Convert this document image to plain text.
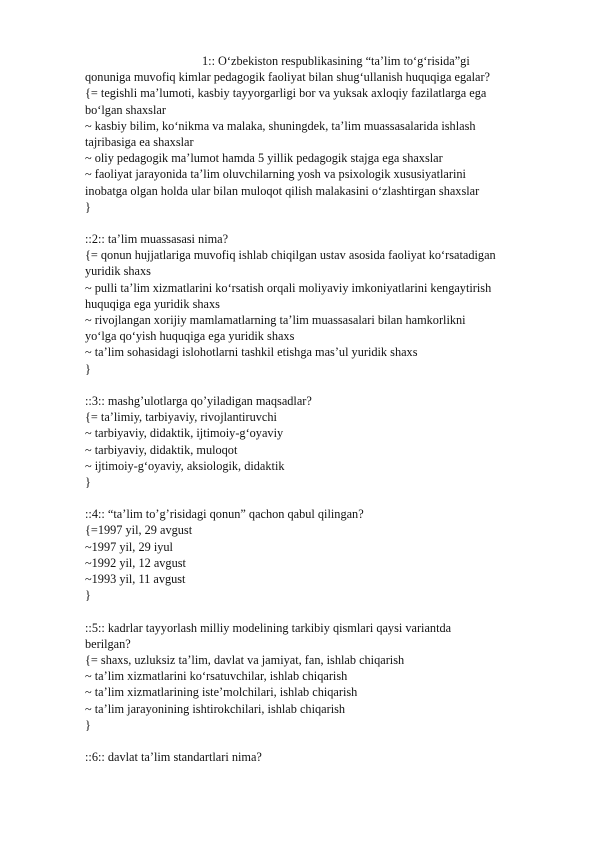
1:: O‘zbekiston respublikasining “ta’lim to‘g‘risida”gi
qonuniga muvofiq kimlar pedagogik faoliyat bilan shug‘ullanish huquqiga egalar?
{= tegishli ma’lumoti, kasbiy tayyorgarligi bor va yuksak axloqiy fazilatlarga ega
bo‘lgan shaxslar
~ kasbiy bilim, ko‘nikma va malaka, shuningdek, ta’lim muassasalarida ishlash
tajribasiga ea shaxslar
~ oliy pedagogik ma’lumot hamda 5 yillik pedagogik stajga ega shaxslar
~ faoliyat jarayonida ta’lim oluvchilarning yosh va psixologik xususiyatlarini
inobatga olgan holda ular bilan muloqot qilish malakasini o‘zlashtirgan shaxslar
}
::2:: ta’lim muassasasi nima?
{= qonun hujjatlariga muvofiq ishlab chiqilgan ustav asosida faoliyat ko‘rsatadigan
yuridik shaxs
~ pulli ta’lim xizmatlarini ko‘rsatish orqali moliyaviy imkoniyatlarini kengaytirish
huquqiga ega yuridik shaxs
~ rivojlangan xorijiy mamlamatlarning ta’lim muassasalari bilan hamkorlikni
yo‘lga qo‘yish huquqiga ega yuridik shaxs
~ ta’lim sohasidagi islohotlarni tashkil etishga mas’ul yuridik shaxs
}
::3:: mashg’ulotlarga qo’yiladigan maqsadlar?
{= ta’limiy, tarbiyaviy, rivojlantiruvchi
~ tarbiyaviy, didaktik, ijtimoiy-g‘oyaviy
~ tarbiyaviy, didaktik, muloqot
~ ijtimoiy-g‘oyaviy, aksiologik, didaktik
}
::4:: “ta’lim to’g’risidagi qonun” qachon qabul qilingan?
{=1997 yil, 29 avgust
~1997 yil, 29 iyul
~1992 yil, 12 avgust
~1993 yil, 11 avgust
}
::5:: kadrlar tayyorlash milliy modelining tarkibiy qismlari qaysi variantda
berilgan?
{= shaxs, uzluksiz ta’lim, davlat va jamiyat, fan, ishlab chiqarish
~ ta’lim xizmatlarini ko‘rsatuvchilar, ishlab chiqarish
~ ta’lim xizmatlarining iste’molchilari, ishlab chiqarish
~ ta’lim jarayonining ishtirokchilari, ishlab chiqarish
}
::6:: davlat ta’lim standartlari nima?
